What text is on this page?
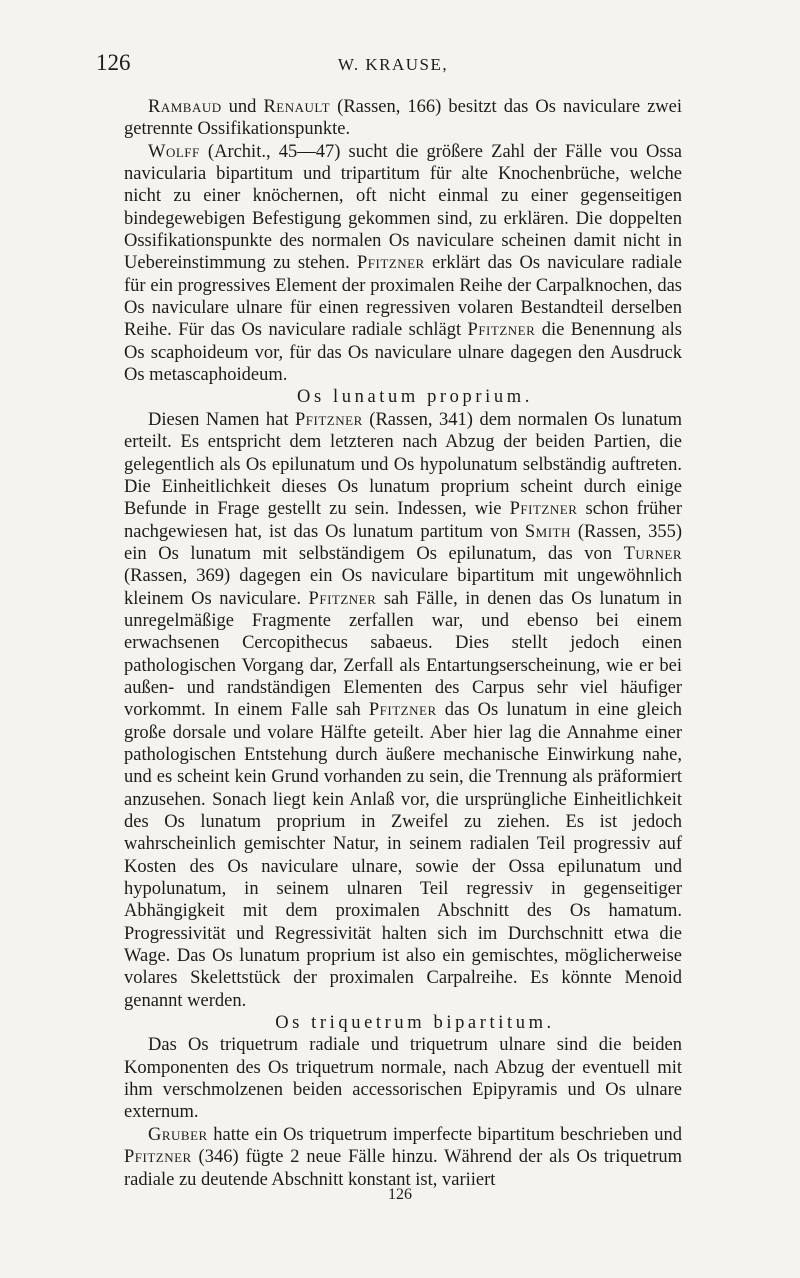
126	W. KRAUSE,

Rambaud und Renault (Rassen, 166) besitzt das Os naviculare zwei getrennte Ossifikationspunkte.

Wolff (Archit., 45—47) sucht die größere Zahl der Fälle vou Ossa navicularia bipartitum und tripartitum für alte Knochenbrüche, welche nicht zu einer knöchernen, oft nicht einmal zu einer gegenseitigen bindegewebigen Befestigung gekommen sind, zu erklären. Die doppelten Ossifikationspunkte des normalen Os naviculare scheinen damit nicht in Uebereinstimmung zu stehen. Pfitzner erklärt das Os naviculare radiale für ein progressives Element der proximalen Reihe der Carpalknochen, das Os naviculare ulnare für einen regressiven volaren Bestandteil derselben Reihe. Für das Os naviculare radiale schlägt Pfitzner die Benennung als Os scaphoideum vor, für das Os naviculare ulnare dagegen den Ausdruck Os metascaphoideum.

Os lunatum proprium.

Diesen Namen hat Pfitzner (Rassen, 341) dem normalen Os lunatum erteilt. Es entspricht dem letzteren nach Abzug der beiden Partien, die gelegentlich als Os epilunatum und Os hypolunatum selbständig auftreten. Die Einheitlichkeit dieses Os lunatum proprium scheint durch einige Befunde in Frage gestellt zu sein. Indessen, wie Pfitzner schon früher nachgewiesen hat, ist das Os lunatum partitum von Smith (Rassen, 355) ein Os lunatum mit selbständigem Os epilunatum, das von Turner (Rassen, 369) dagegen ein Os naviculare bipartitum mit ungewöhnlich kleinem Os naviculare. Pfitzner sah Fälle, in denen das Os lunatum in unregelmäßige Fragmente zerfallen war, und ebenso bei einem erwachsenen Cercopithecus sabaeus. Dies stellt jedoch einen pathologischen Vorgang dar, Zerfall als Entartungserscheinung, wie er bei außen- und randständigen Elementen des Carpus sehr viel häufiger vorkommt. In einem Falle sah Pfitzner das Os lunatum in eine gleich große dorsale und volare Hälfte geteilt. Aber hier lag die Annahme einer pathologischen Entstehung durch äußere mechanische Einwirkung nahe, und es scheint kein Grund vorhanden zu sein, die Trennung als präformiert anzusehen. Sonach liegt kein Anlaß vor, die ursprüngliche Einheitlichkeit des Os lunatum proprium in Zweifel zu ziehen. Es ist jedoch wahrscheinlich gemischter Natur, in seinem radialen Teil progressiv auf Kosten des Os naviculare ulnare, sowie der Ossa epilunatum und hypolunatum, in seinem ulnaren Teil regressiv in gegenseitiger Abhängigkeit mit dem proximalen Abschnitt des Os hamatum. Progressivität und Regressivität halten sich im Durchschnitt etwa die Wage. Das Os lunatum proprium ist also ein gemischtes, möglicherweise volares Skelettstück der proximalen Carpalreihe. Es könnte Menoid genannt werden.

Os triquetrum bipartitum.

Das Os triquetrum radiale und triquetrum ulnare sind die beiden Komponenten des Os triquetrum normale, nach Abzug der eventuell mit ihm verschmolzenen beiden accessorischen Epipyramis und Os ulnare externum.

Gruber hatte ein Os triquetrum imperfecte bipartitum beschrieben und Pfitzner (346) fügte 2 neue Fälle hinzu. Während der als Os triquetrum radiale zu deutende Abschnitt konstant ist, variiert

126
